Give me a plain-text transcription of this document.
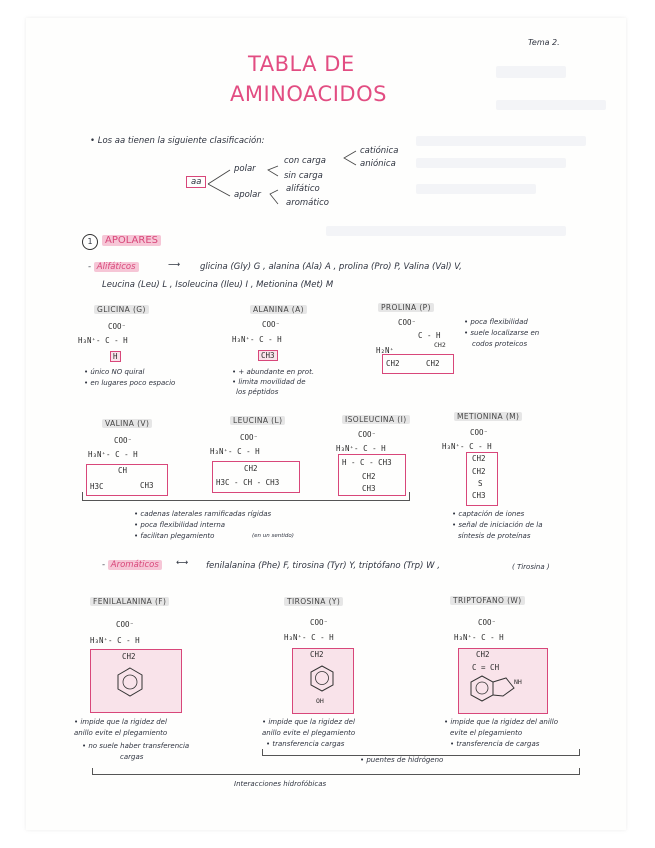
Tema 2.
TABLA DE
AMINOACIDOS
• Los aa tienen la siguiente clasificación:
aa
polar
con carga
catiónica
aniónica
sin carga
apolar
alifático
aromático
1	APOLARES
- Alifáticos	⟶ glicina (Gly) G , alanina (Ala) A , prolina (Pro) P, Valina (Val) V,
Leucina (Leu) L , Isoleucina (Ileu) I , Metionina (Met) M
GLICINA (G)
COO⁻
H₃N⁺- C - H
H
• único NO quiral
• en lugares poco espacio
ALANINA (A)
COO⁻
H₃N⁺- C - H
CH3
• + abundante en prot.
• limita movilidad de
los péptidos
PROLINA (P)
COO⁻
C - H
H₂N⁺
CH2
CH2	CH2
• poca flexibilidad
• suele localizarse en
codos proteicos
VALINA (V)
COO⁻
H₃N⁺- C - H
CH
H3C	CH3
LEUCINA (L)
COO⁻
H₃N⁺- C - H
CH2
H3C - CH - CH3
ISOLEUCINA (I)
COO⁻
H₃N⁺- C - H
H - C - CH3
CH2
CH3
METIONINA (M)
COO⁻
H₃N⁺- C - H
CH2
CH2
S
CH3
• captación de iones
• señal de iniciación de la
síntesis de proteínas
• cadenas laterales ramificadas rígidas
• poca flexibilidad interna
• facilitan plegamiento	(en un sentido)
- Aromáticos	⟷ fenilalanina (Phe) F, tirosina (Tyr) Y, triptófano (Trp) W ,	( Tirosina )
FENILALANINA (F)
COO⁻
H₃N⁺- C - H
CH2
• impide que la rigidez del
anillo evite el plegamiento
• no suele haber transferencia
cargas
TIROSINA (Y)
COO⁻
H₃N⁺- C - H
CH2
OH
• impide que la rigidez del
anillo evite el plegamiento
• transferencia cargas
TRIPTOFANO (W)
COO⁻
H₃N⁺- C - H
CH2
C = CH
NH
• impide que la rigidez del anillo
evite el plegamiento
• transferencia de cargas
• puentes de hidrógeno
Interacciones hidrofóbicas
